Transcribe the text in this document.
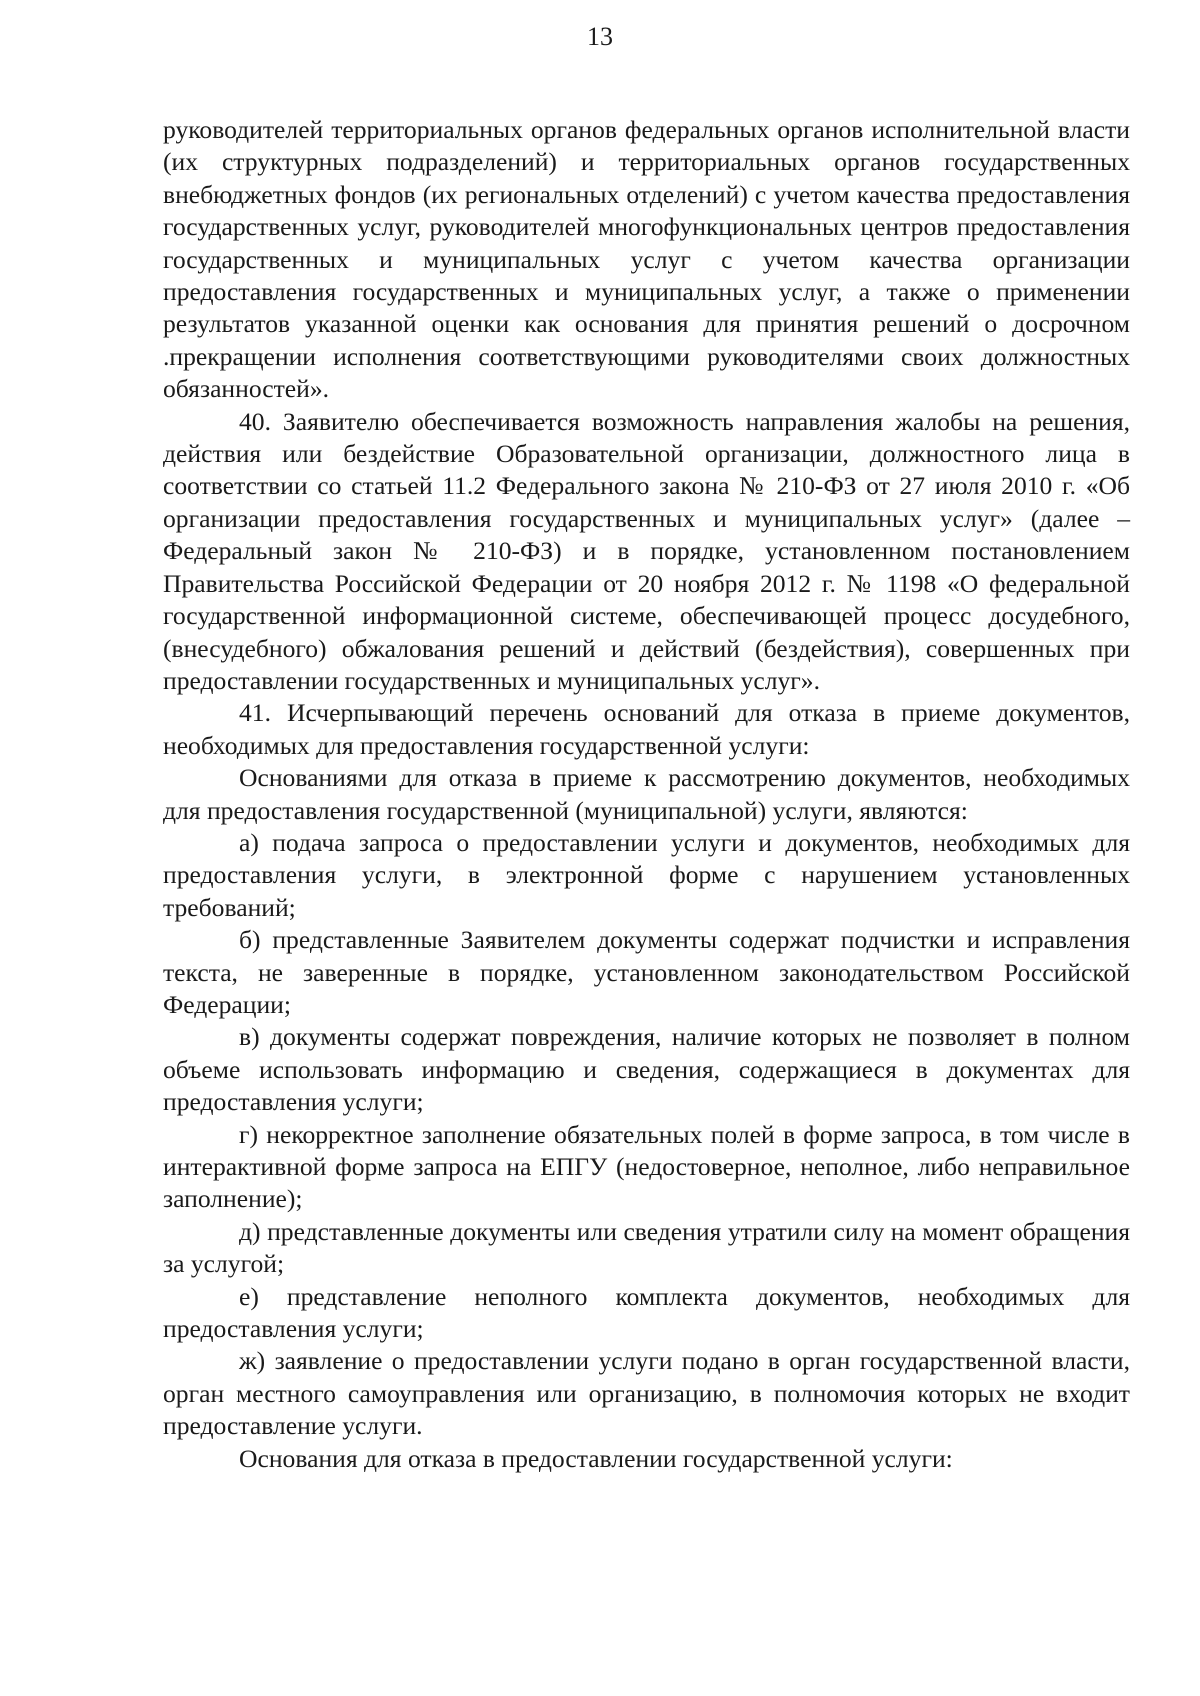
13

руководителей территориальных органов федеральных органов исполнительной власти (их структурных подразделений) и территориальных органов государственных внебюджетных фондов (их региональных отделений) с учетом качества предоставления государственных услуг, руководителей многофункциональных центров предоставления государственных и муниципальных услуг с учетом качества организации предоставления государственных и муниципальных услуг, а также о применении результатов указанной оценки как основания для принятия решений о досрочном .прекращении исполнения соответствующими руководителями своих должностных обязанностей».

40. Заявителю обеспечивается возможность направления жалобы на решения, действия или бездействие Образовательной организации, должностного лица в соответствии со статьей 11.2 Федерального закона № 210-ФЗ от 27 июля 2010 г. «Об организации предоставления государственных и муниципальных услуг» (далее – Федеральный закон № 210-ФЗ) и в порядке, установленном постановлением Правительства Российской Федерации от 20 ноября 2012 г. № 1198 «О федеральной государственной информационной системе, обеспечивающей процесс досудебного, (внесудебного) обжалования решений и действий (бездействия), совершенных при предоставлении государственных и муниципальных услуг».

41. Исчерпывающий перечень оснований для отказа в приеме документов, необходимых для предоставления государственной услуги:

Основаниями для отказа в приеме к рассмотрению документов, необходимых для предоставления государственной (муниципальной) услуги, являются:

а) подача запроса о предоставлении услуги и документов, необходимых для предоставления услуги, в электронной форме с нарушением установленных требований;

б) представленные Заявителем документы содержат подчистки и исправления текста, не заверенные в порядке, установленном законодательством Российской Федерации;

в) документы содержат повреждения, наличие которых не позволяет в полном объеме использовать информацию и сведения, содержащиеся в документах для предоставления услуги;

г) некорректное заполнение обязательных полей в форме запроса, в том числе в интерактивной форме запроса на ЕПГУ (недостоверное, неполное, либо неправильное заполнение);

д) представленные документы или сведения утратили силу на момент обращения за услугой;

е) представление неполного комплекта документов, необходимых для предоставления услуги;

ж) заявление о предоставлении услуги подано в орган государственной власти, орган местного самоуправления или организацию, в полномочия которых не входит предоставление услуги.

Основания для отказа в предоставлении государственной услуги:
